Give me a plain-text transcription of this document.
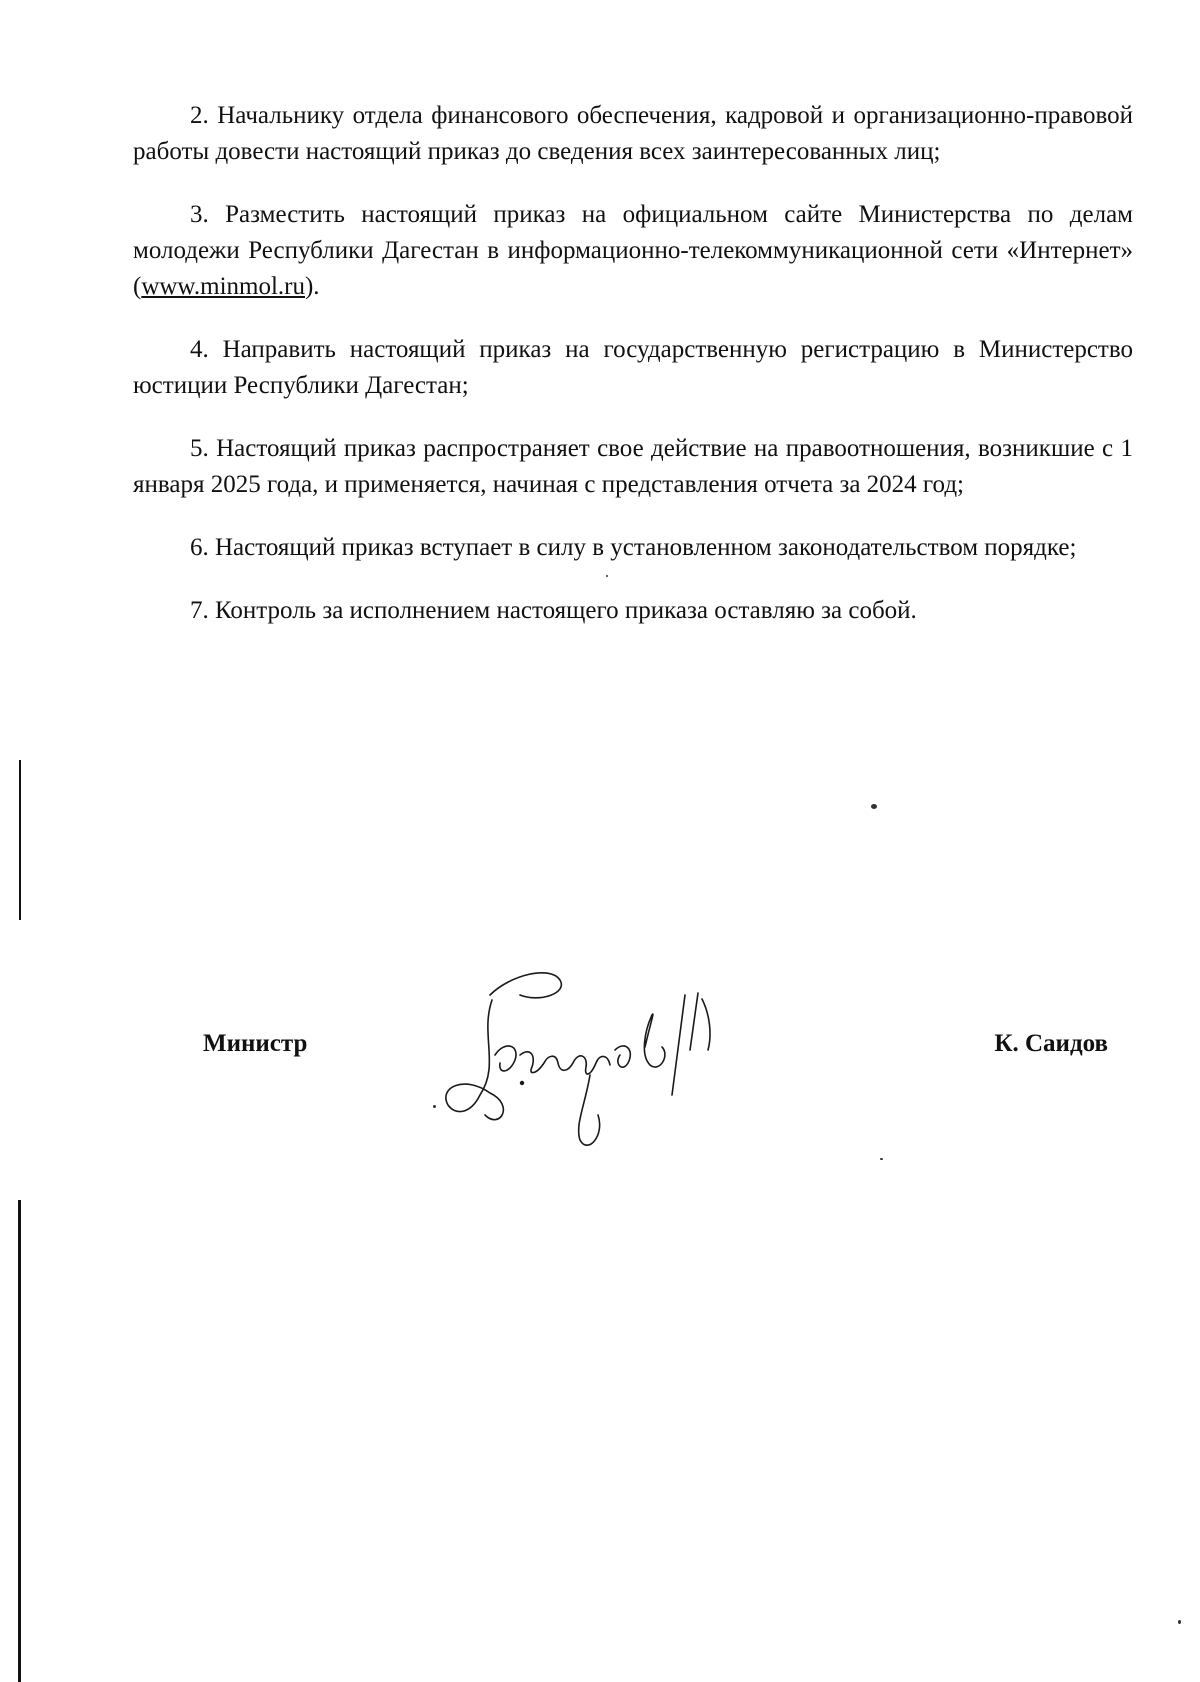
2. Начальнику отдела финансового обеспечения, кадровой и организационно-правовой работы довести настоящий приказ до сведения всех заинтересованных лиц;

3. Разместить настоящий приказ на официальном сайте Министерства по делам молодежи Республики Дагестан в информационно-телекоммуникационной сети «Интернет» (www.minmol.ru).

4. Направить настоящий приказ на государственную регистрацию в Министерство юстиции Республики Дагестан;

5. Настоящий приказ распространяет свое действие на правоотношения, возникшие с 1 января 2025 года, и применяется, начиная с представления отчета за 2024 год;

6. Настоящий приказ вступает в силу в установленном законодательством порядке;

7. Контроль за исполнением настоящего приказа оставляю за собой.

Министр	К. Саидов
